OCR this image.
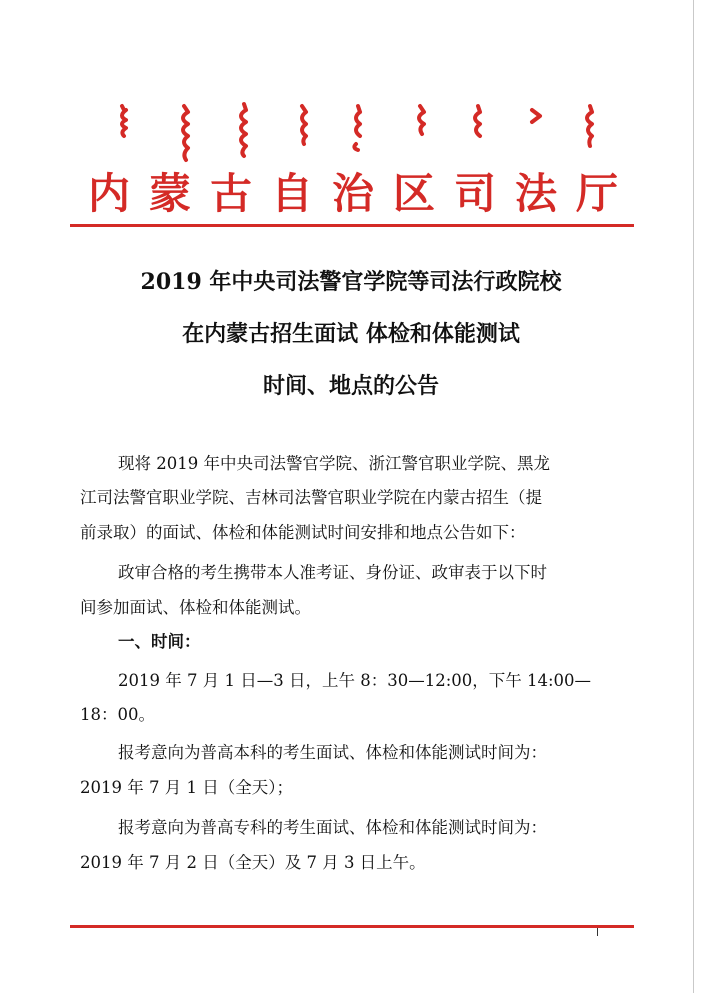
内蒙古自治区司法厅
2019 年中央司法警官学院等司法行政院校
在内蒙古招生面试 体检和体能测试
时间、地点的公告
现将 2019 年中央司法警官学院、浙江警官职业学院、黑龙
江司法警官职业学院、吉林司法警官职业学院在内蒙古招生（提
前录取）的面试、体检和体能测试时间安排和地点公告如下：
政审合格的考生携带本人准考证、身份证、政审表于以下时
间参加面试、体检和体能测试。
一、时间：
2019 年 7 月 1 日—3 日，上午 8：30—12:00，下午 14:00—
18：00。
报考意向为普高本科的考生面试、体检和体能测试时间为：
2019 年 7 月 1 日（全天）；
报考意向为普高专科的考生面试、体检和体能测试时间为：
2019 年 7 月 2 日（全天）及 7 月 3 日上午。
